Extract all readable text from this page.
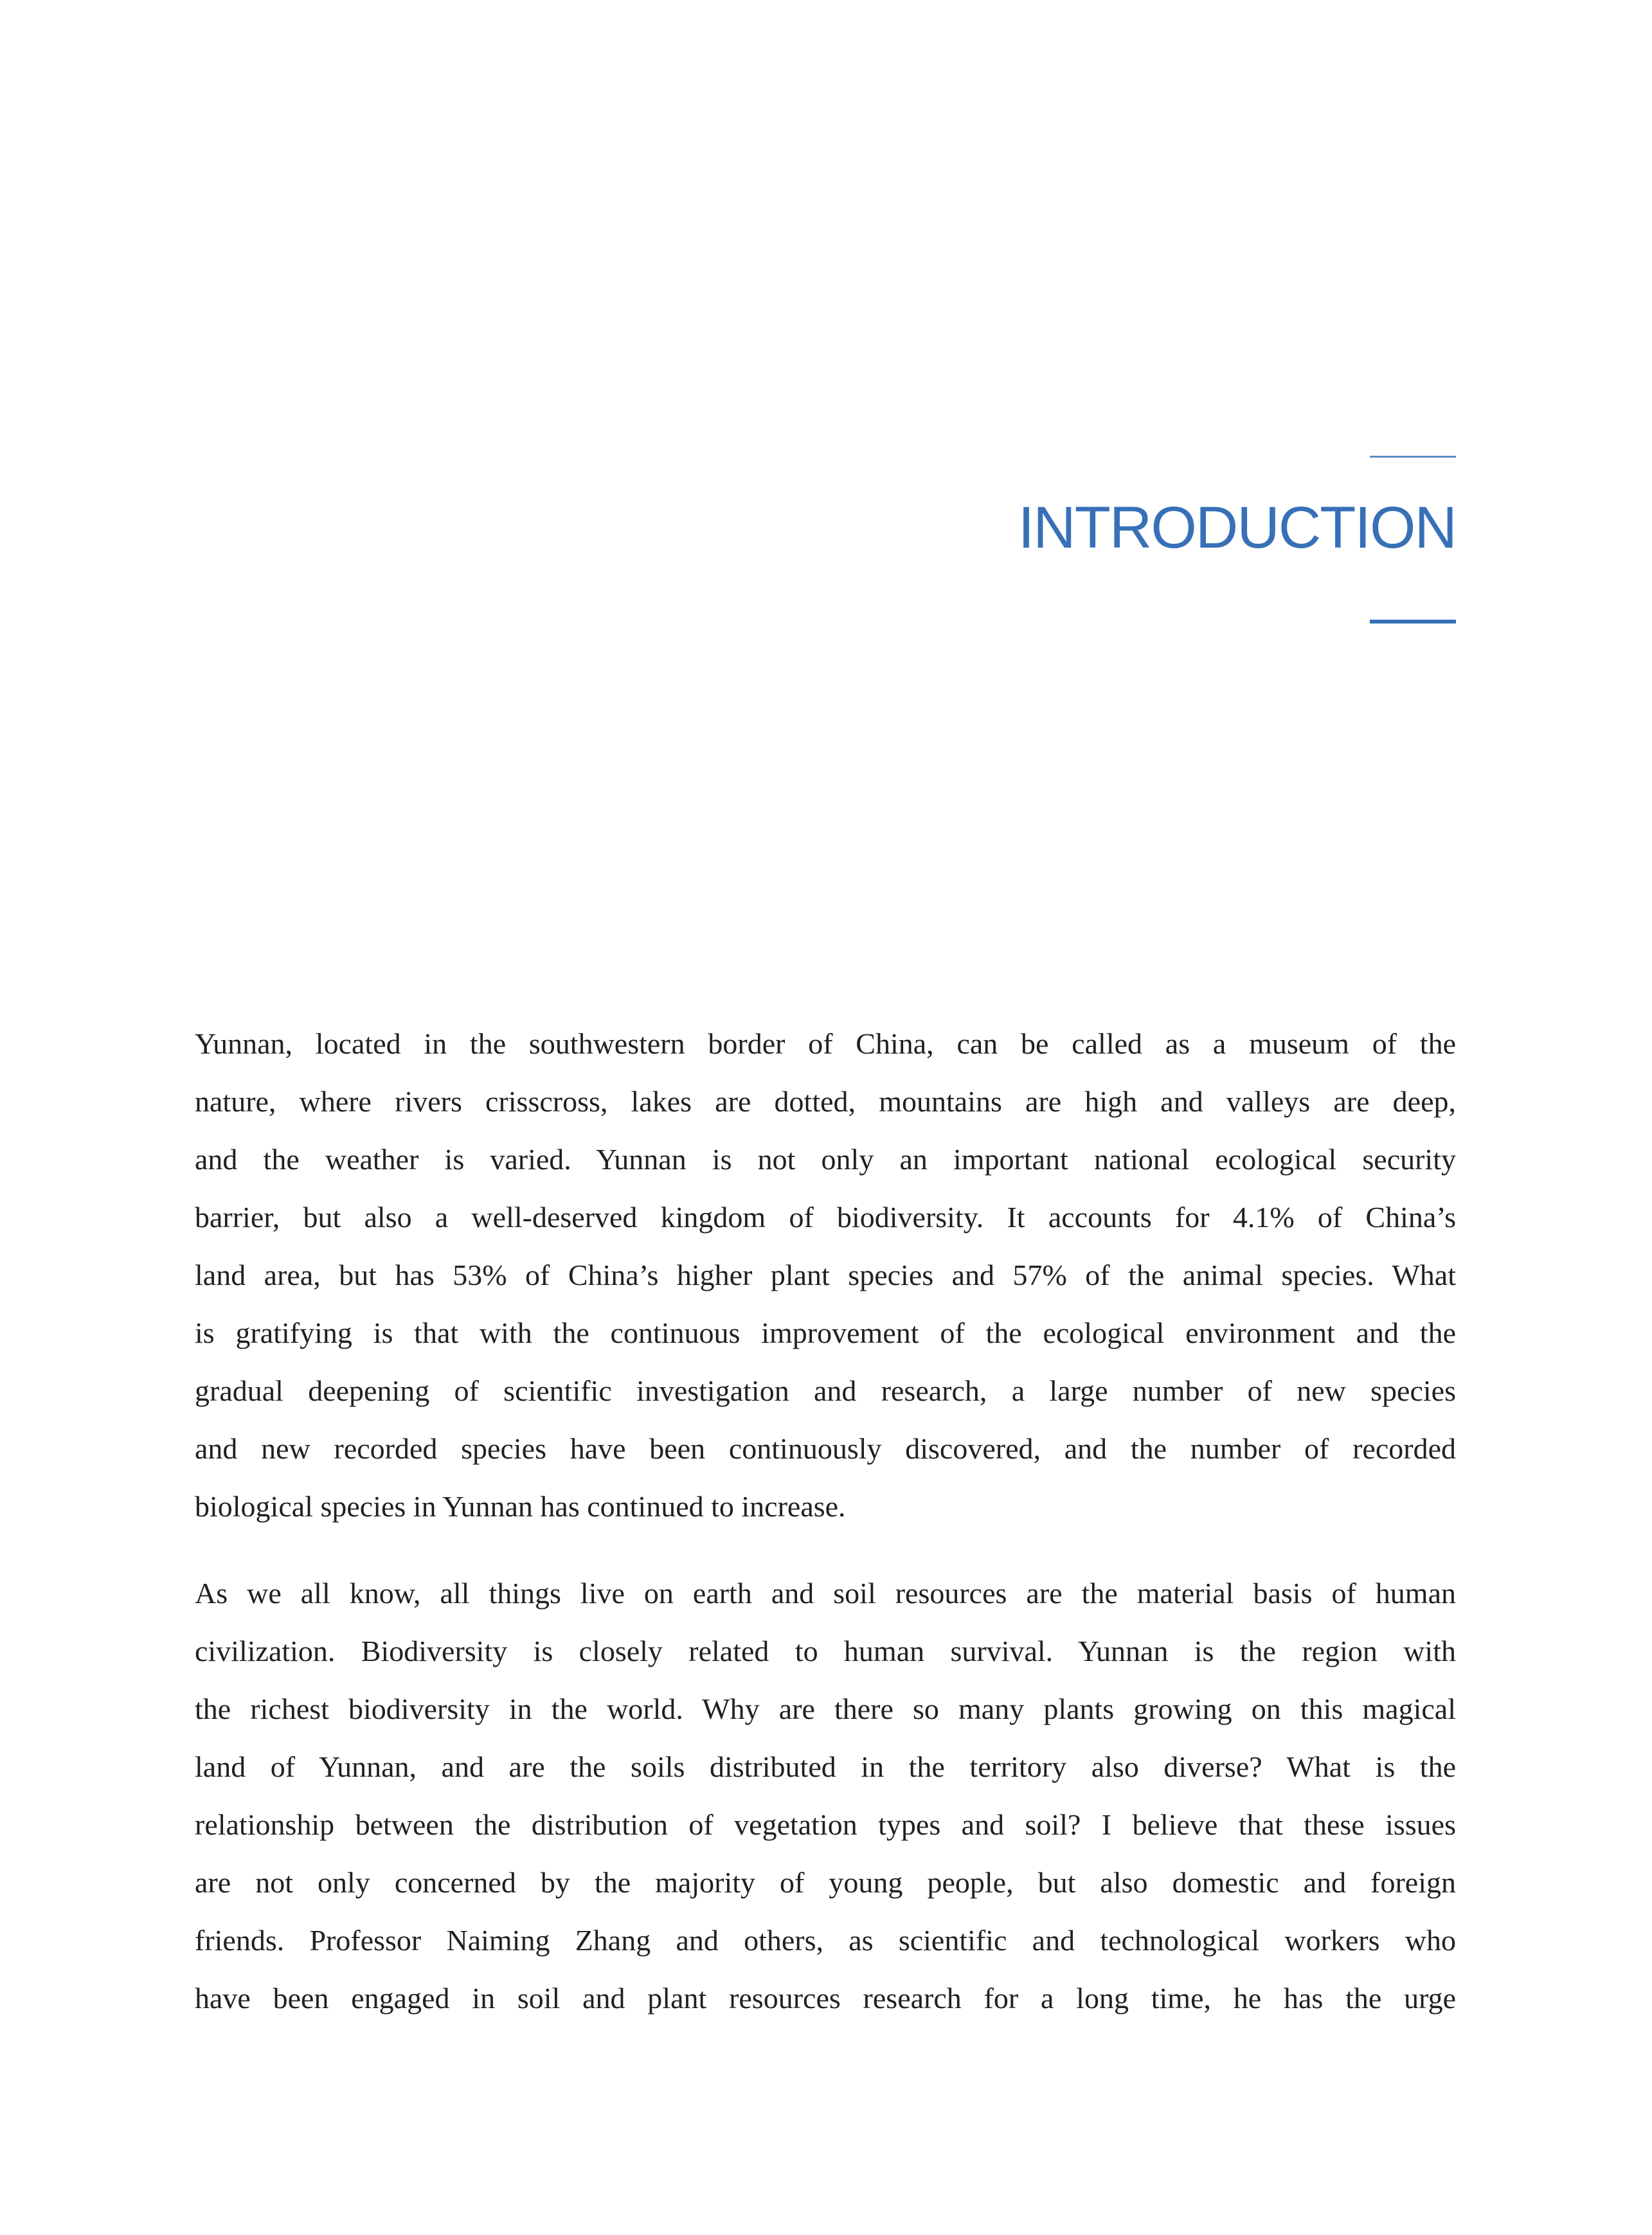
INTRODUCTION
Yunnan, located in the southwestern border of China, can be called as a museum of the
nature, where rivers crisscross, lakes are dotted, mountains are high and valleys are deep,
and the weather is varied. Yunnan is not only an important national ecological security
barrier, but also a well-deserved kingdom of biodiversity. It accounts for 4.1% of China’s
land area, but has 53% of China’s higher plant species and 57% of the animal species. What
is gratifying is that with the continuous improvement of the ecological environment and the
gradual deepening of scientific investigation and research, a large number of new species
and new recorded species have been continuously discovered, and the number of recorded
biological species in Yunnan has continued to increase.
As we all know, all things live on earth and soil resources are the material basis of human
civilization. Biodiversity is closely related to human survival. Yunnan is the region with
the richest biodiversity in the world. Why are there so many plants growing on this magical
land of Yunnan, and are the soils distributed in the territory also diverse? What is the
relationship between the distribution of vegetation types and soil? I believe that these issues
are not only concerned by the majority of young people, but also domestic and foreign
friends. Professor Naiming Zhang and others, as scientific and technological workers who
have been engaged in soil and plant resources research for a long time, he has the urge
